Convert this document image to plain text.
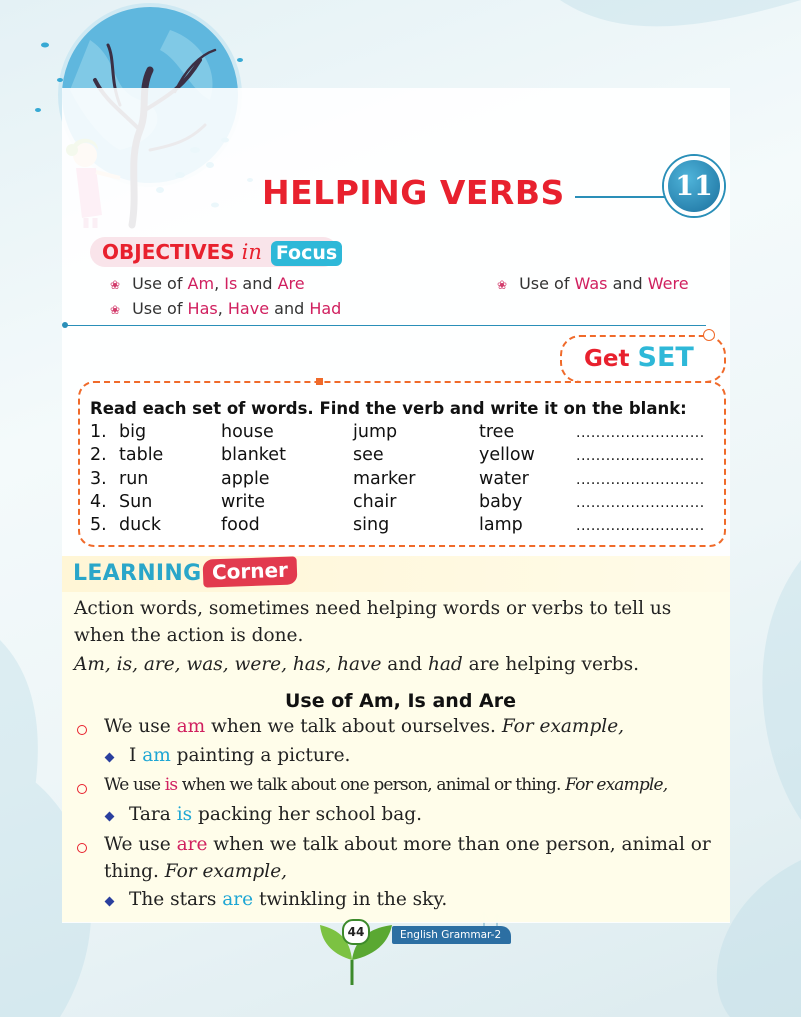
HELPING VERBS	11
OBJECTIVES in Focus
❀ Use of Am, Is and Are	❀ Use of Was and Were
❀ Use of Has, Have and Had
Get SET
Read each set of words. Find the verb and write it on the blank:
1. big	house	jump	tree	..........................
2. table	blanket	see	yellow	..........................
3. run	apple	marker	water	..........................
4. Sun	write	chair	baby	..........................
5. duck	food	sing	lamp	..........................
LEARNING Corner
Action words, sometimes need helping words or verbs to tell us
when the action is done.
Am, is, are, was, were, has, have and had are helping verbs.
Use of Am, Is and Are
We use am when we talk about ourselves. For example,
I am painting a picture.
We use is when we talk about one person, animal or thing. For example,
Tara is packing her school bag.
We use are when we talk about more than one person, animal or
thing. For example,
The stars are twinkling in the sky.
44	English Grammar-2
